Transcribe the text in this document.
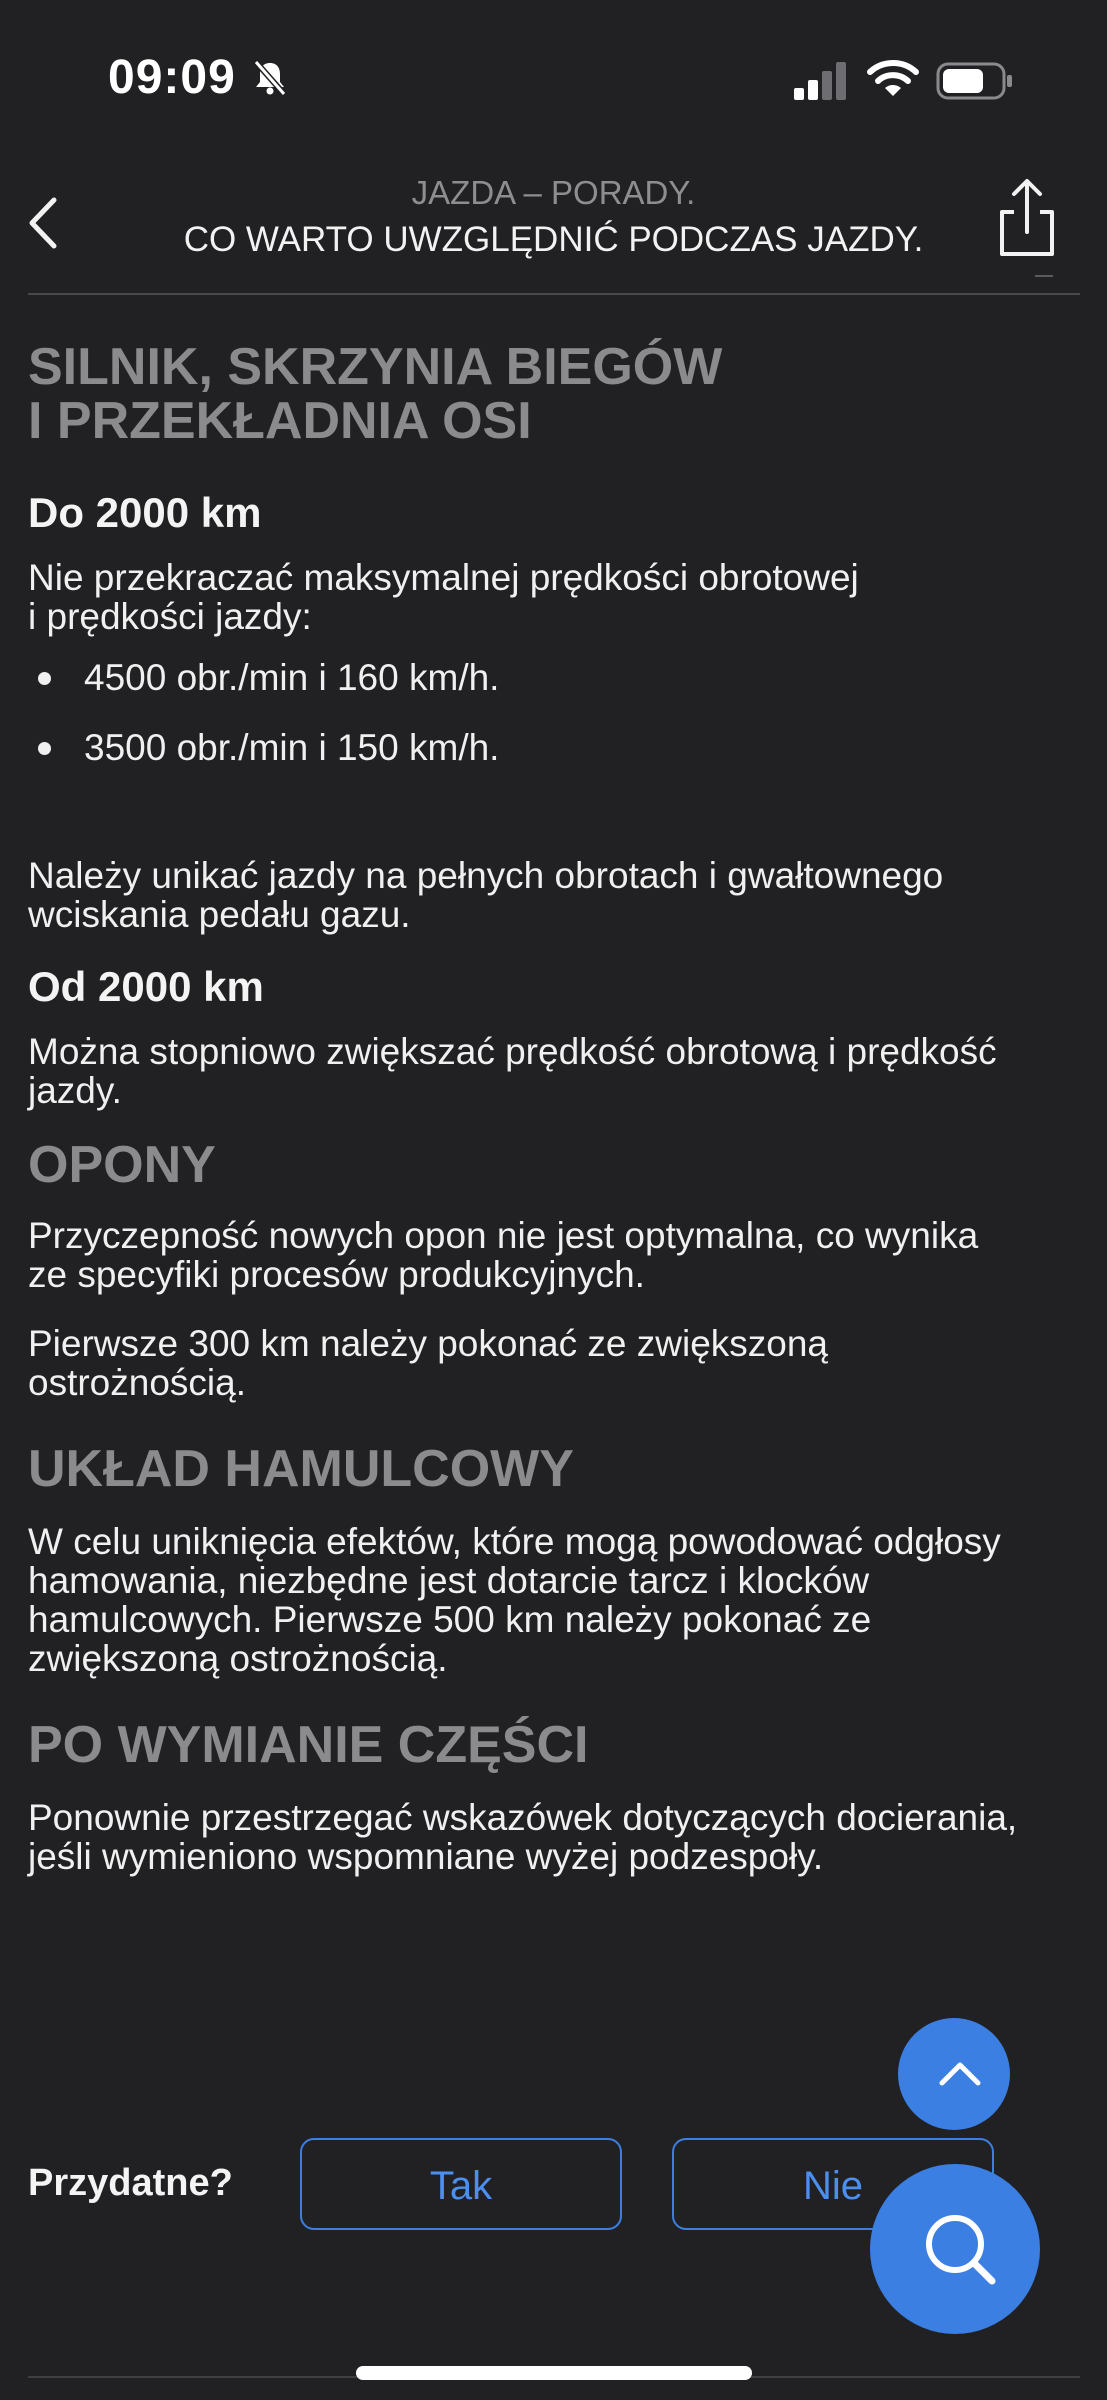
09:09
JAZDA – PORADY.
CO WARTO UWZGLĘDNIĆ PODCZAS JAZDY.
SILNIK, SKRZYNIA BIEGÓW
I PRZEKŁADNIA OSI
Do 2000 km

Nie przekraczać maksymalnej prędkości obrotowej
i prędkości jazdy:

4500 obr./min i 160 km/h.
3500 obr./min i 150 km/h.

Należy unikać jazdy na pełnych obrotach i gwałtownego
wciskania pedału gazu.

Od 2000 km

Można stopniowo zwiększać prędkość obrotową i prędkość
jazdy.

OPONY

Przyczepność nowych opon nie jest optymalna, co wynika
ze specyfiki procesów produkcyjnych.

Pierwsze 300 km należy pokonać ze zwiększoną
ostrożnością.

UKŁAD HAMULCOWY

W celu uniknięcia efektów, które mogą powodować odgłosy
hamowania, niezbędne jest dotarcie tarcz i klocków
hamulcowych. Pierwsze 500 km należy pokonać ze
zwiększoną ostrożnością.

PO WYMIANIE CZĘŚCI

Ponownie przestrzegać wskazówek dotyczących docierania,
jeśli wymieniono wspomniane wyżej podzespoły.

Przydatne?	Tak	Nie
